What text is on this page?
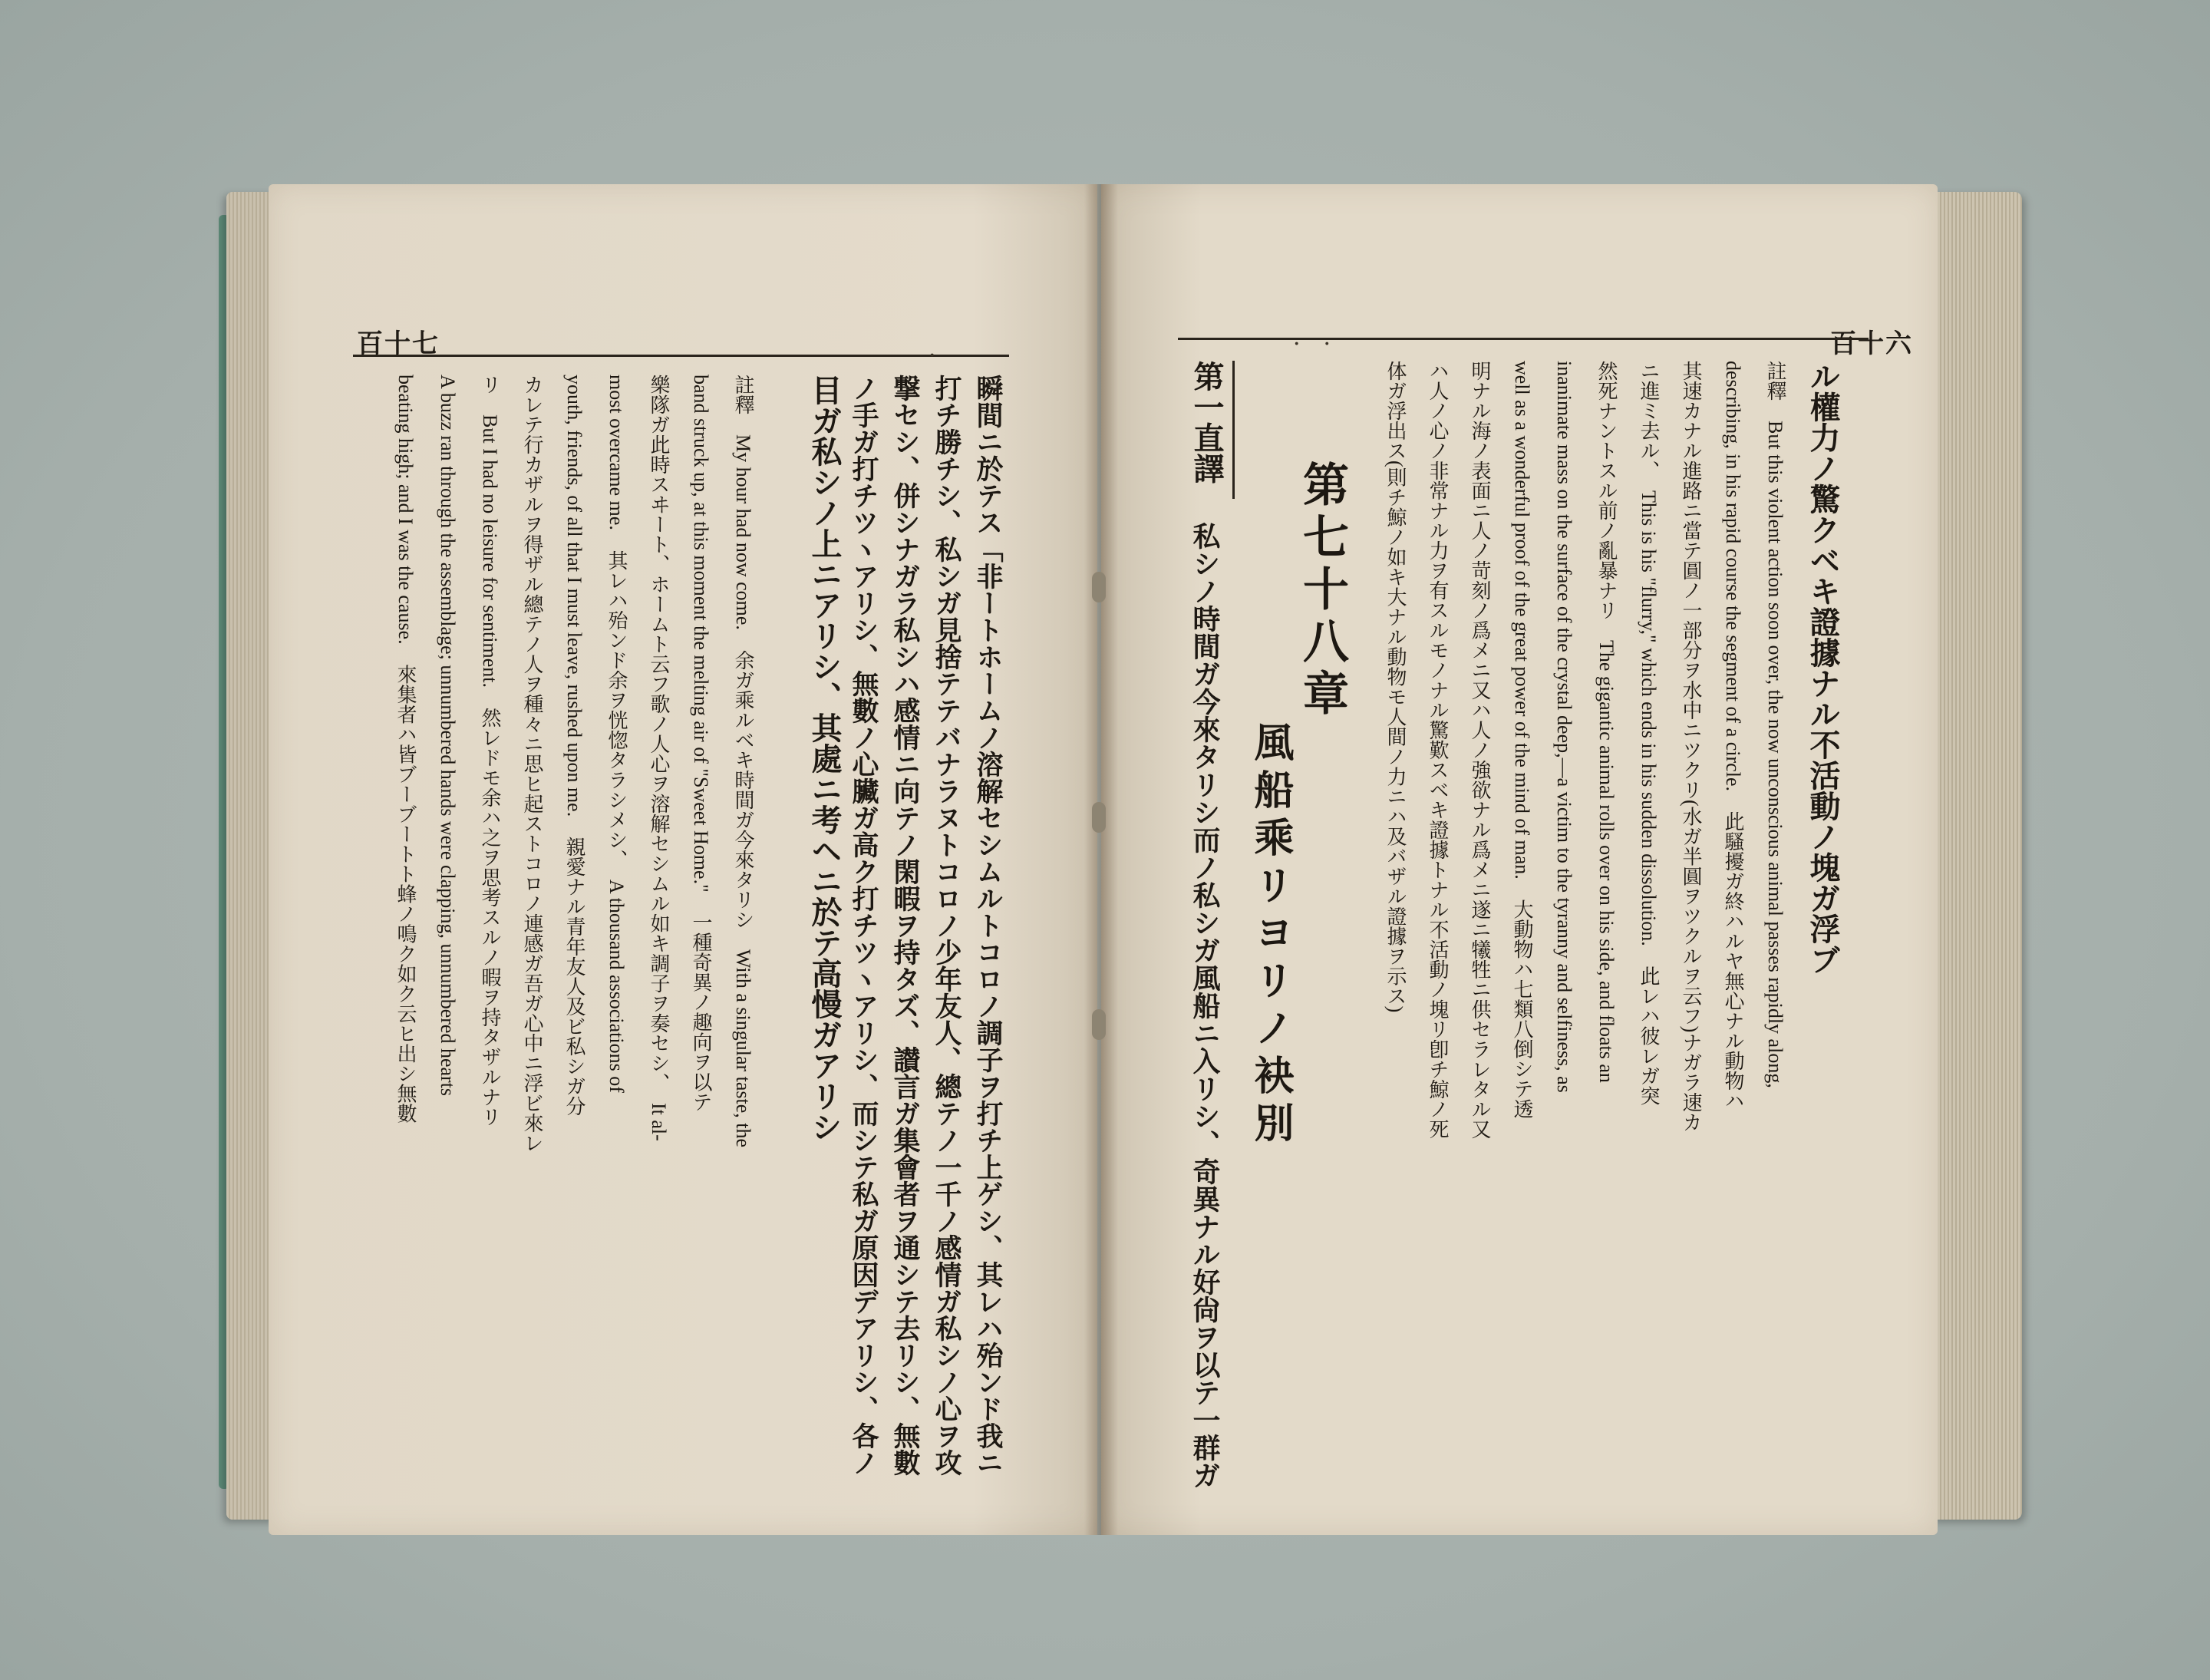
百十七	·	百十六
·　·
瞬間ニ於テス「非ートホームノ溶解セシムルトコロノ調子ヲ打チ上ゲシ、其レハ殆ンド我ニ
打チ勝チシ、私シガ見捨テテバナラヌトコロノ少年友人、總テノ一千ノ感情ガ私シノ心ヲ攻
撃セシ、併シナガラ私シハ感情ニ向テノ閑暇ヲ持タズ、讃言ガ集會者ヲ通シテ去リシ、無數
ノ手ガ打チツヽアリシ、無數ノ心臟ガ高ク打チツヽアリシ、而シテ私ガ原因デアリシ、各ノ
目ガ私シノ上ニアリシ、其處ニ考ヘニ於テ高慢ガアリシ
註釋　My hour had now come.　余ガ乘ルベキ時間ガ今來タリシ　With a singular taste, the
band struck up, at this moment the melting air of "Sweet Home."　一種奇異ノ趣向ヲ以テ
樂隊ガ此時スヰート、ホームト云フ歌ノ人心ヲ溶解セシムル如キ調子ヲ奏セシ、　It al-
most overcame me.　其レハ殆ンド余ヲ恍惚タラシメシ、　A thousand associations of
youth, friends, of all that I must leave, rushed upon me.　親愛ナル青年友人及ビ私シガ分
カレテ行カザルヲ得ザル總テノ人ヲ種々ニ思ヒ起ストコロノ連感ガ吾ガ心中ニ浮ビ來レ
リ　But I had no leisure for sentiment.　然レドモ余ハ之ヲ思考スルノ暇ヲ持タザルナリ
A buzz ran through the assemblage; unnumbered hands were clapping, unnumbered hearts
beating high; and I was the cause.　來集者ハ皆ブーブートト蜂ノ鳴ク如ク云ヒ出シ無數	ル權力ノ驚クベキ證據ナル不活動ノ塊ガ浮ブ
註釋　But this violent action soon over, the now unconscious animal passes rapidly along,
describing, in his rapid course the segment of a circle.　此騷擾ガ終ハルヤ無心ナル動物ハ
其速カナル進路ニ當テ圓ノ一部分ヲ水中ニツクリ(水ガ半圓ヲツクルヲ云フ)ナガラ速カ
ニ進ミ去ル、　This is his "flurry," which ends in his sudden dissolution.　此レハ彼レガ突
然死ナントスル前ノ亂暴ナリ　The gigantic animal rolls over on his side, and floats an
inanimate mass on the surface of the crystal deep,—a victim to the tyranny and selfiness, as
well as a wonderful proof of the great power of the mind of man.　大動物ハ七類八倒シテ透
明ナル海ノ表面ニ人ノ苛刻ノ爲メニ又ハ人ノ強欲ナル爲メニ遂ニ犧牲ニ供セラレタル又
ハ人ノ心ノ非常ナル力ヲ有スルモノナル驚歎スベキ證據トナル不活動ノ塊リ卽チ鯨ノ死
体ガ浮出ス(則チ鯨ノ如キ大ナル動物モ人間ノ力ニハ及バザル證據ヲ示ス)
第七十八章
風船乘リヨリノ袂別
第一直譯
私シノ時間ガ今來タリシ而ノ私シガ風船ニ入リシ、奇異ナル好尙ヲ以テ一群ガ
